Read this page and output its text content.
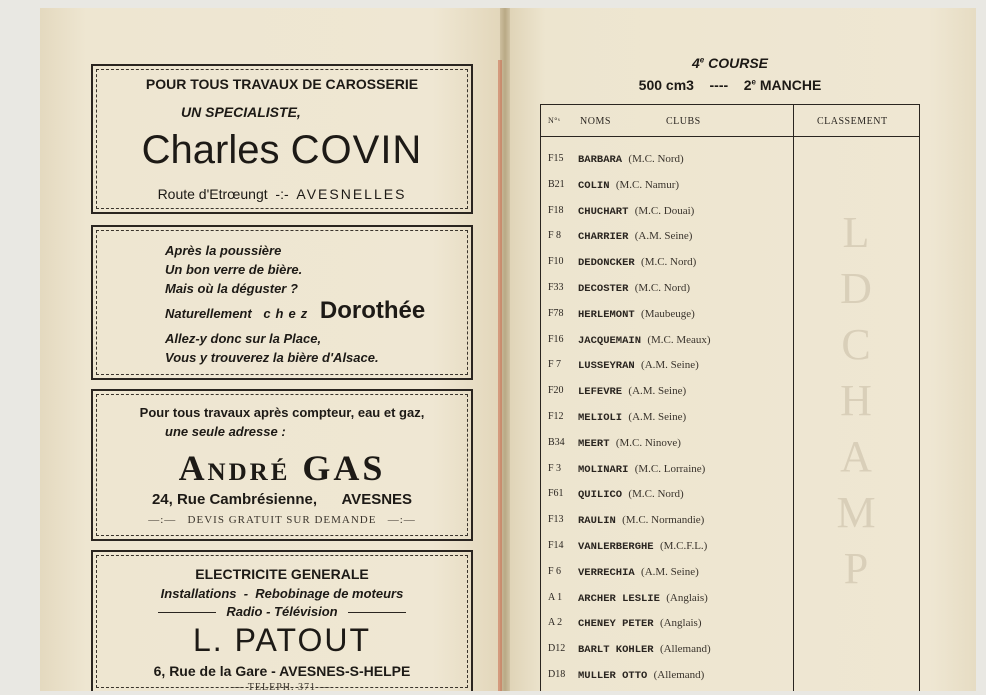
L
D
C
H
A
M
P
POUR TOUS TRAVAUX DE CAROSSERIE
UN SPECIALISTE,
Charles COVIN
Route d'Etrœungt -:- AVESNELLES
Après la poussière
Un bon verre de bière.
Mais où la déguster ?
Naturellement chez Dorothée
Allez-y donc sur la Place,
Vous y trouverez la bière d'Alsace.
Pour tous travaux après compteur, eau et gaz,
une seule adresse :
André GAS
24, Rue Cambrésienne,      AVESNES
—:—   DEVIS GRATUIT SUR DEMANDE   —:—
ELECTRICITE GENERALE
Installations  -  Rebobinage de moteurs
Radio - Télévision
L. PATOUT
6, Rue de la Gare - AVESNES-S-HELPE
— TELEPH. 371 —
4e COURSE
500 cm3 ---- 2e MANCHE
N°ˢ NOMS	CLUBS	CLASSEMENT
F15	BARBARA (M.C. Nord)
B21	COLIN (M.C. Namur)
F18	CHUCHART (M.C. Douai)
F 8	CHARRIER (A.M. Seine)
F10	DEDONCKER (M.C. Nord)
F33	DECOSTER (M.C. Nord)
F78	HERLEMONT (Maubeuge)
F16	JACQUEMAIN (M.C. Meaux)
F 7	LUSSEYRAN (A.M. Seine)
F20	LEFEVRE (A.M. Seine)
F12	MELIOLI (A.M. Seine)
B34	MEERT (M.C. Ninove)
F 3	MOLINARI (M.C. Lorraine)
F61	QUILICO (M.C. Nord)
F13	RAULIN (M.C. Normandie)
F14	VANLERBERGHE (M.C.F.L.)
F 6	VERRECHIA (A.M. Seine)
A 1	ARCHER LESLIE (Anglais)
A 2	CHENEY PETER (Anglais)
D12	BARLT KOHLER (Allemand)
D18	MULLER OTTO (Allemand)
